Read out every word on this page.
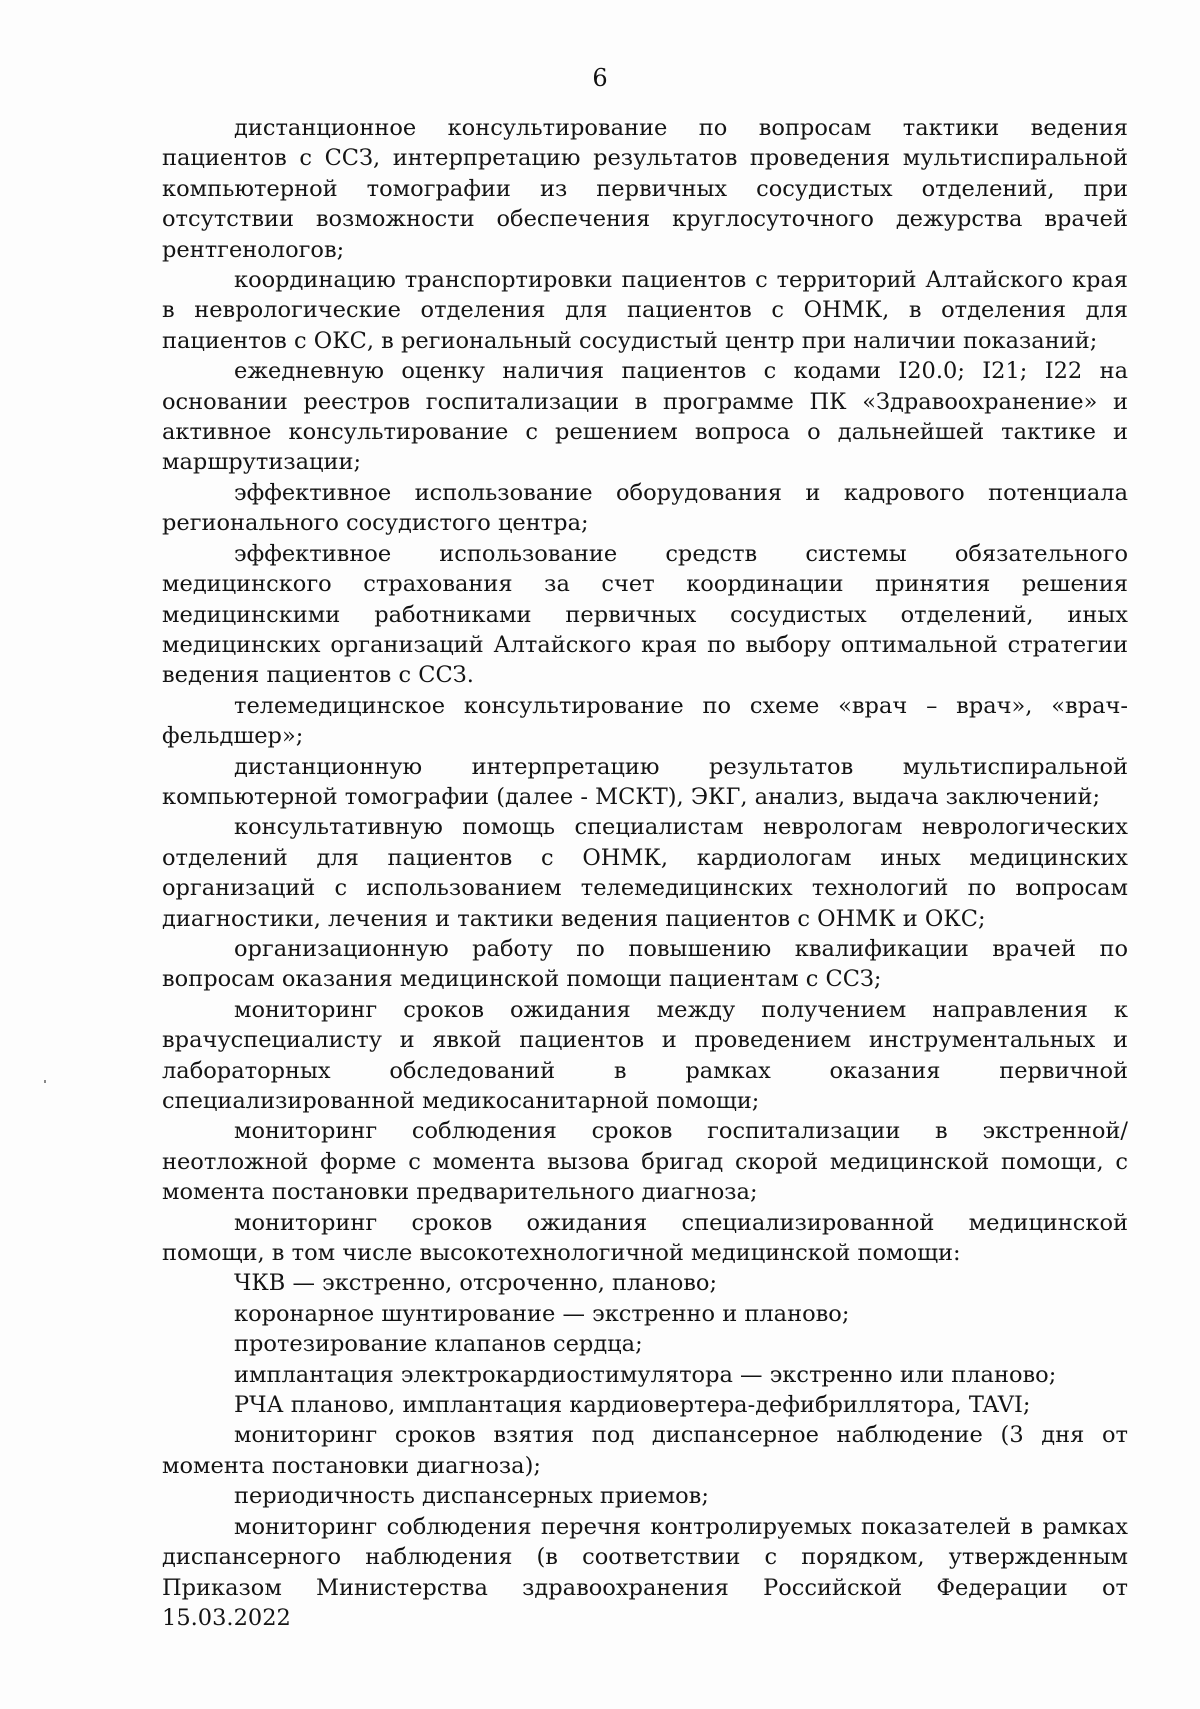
6

дистанционное консультирование по вопросам тактики ведения пациентов с ССЗ, интерпретацию результатов проведения мультиспиральной компьютерной томографии из первичных сосудистых отделений, при отсутствии возможности обеспечения круглосуточного дежурства врачей рентгенологов;

координацию транспортировки пациентов с территорий Алтайского края в неврологические отделения для пациентов с ОНМК, в отделения для пациентов с ОКС, в региональный сосудистый центр при наличии показаний;

ежедневную оценку наличия пациентов с кодами I20.0; I21; I22 на основании реестров госпитализации в программе ПК «Здравоохранение» и активное консультирование с решением вопроса о дальнейшей тактике и маршрутизации;

эффективное использование оборудования и кадрового потенциала регионального сосудистого центра;

эффективное использование средств системы обязательного медицинского страхования за счет координации принятия решения медицинскими работниками первичных сосудистых отделений, иных медицинских организаций Алтайского края по выбору оптимальной стратегии ведения пациентов с ССЗ.

телемедицинское консультирование по схеме «врач – врач», «врач-фельдшер»;

дистанционную интерпретацию результатов мультиспиральной компьютерной томографии (далее - МСКТ), ЭКГ, анализ, выдача заключений;

консультативную помощь специалистам неврологам неврологических отделений для пациентов с ОНМК, кардиологам иных медицинских организаций с использованием телемедицинских технологий по вопросам диагностики, лечения и тактики ведения пациентов с ОНМК и ОКС;

организационную работу по повышению квалификации врачей по вопросам оказания медицинской помощи пациентам с ССЗ;

мониторинг сроков ожидания между получением направления к врачуспециалисту и явкой пациентов и проведением инструментальных и лабораторных обследований в рамках оказания первичной специализированной медикосанитарной помощи;

мониторинг соблюдения сроков госпитализации в экстренной/неотложной форме с момента вызова бригад скорой медицинской помощи, с момента постановки предварительного диагноза;

мониторинг сроков ожидания специализированной медицинской помощи, в том числе высокотехнологичной медицинской помощи:

ЧКВ — экстренно, отсроченно, планово;

коронарное шунтирование — экстренно и планово;

протезирование клапанов сердца;

имплантация электрокардиостимулятора — экстренно или планово;

РЧА планово, имплантация кардиовертера-дефибриллятора, TAVI;

мониторинг сроков взятия под диспансерное наблюдение (3 дня от момента постановки диагноза);

периодичность диспансерных приемов;

мониторинг соблюдения перечня контролируемых показателей в рамках диспансерного наблюдения (в соответствии с порядком, утвержденным Приказом Министерства здравоохранения Российской Федерации от 15.03.2022
